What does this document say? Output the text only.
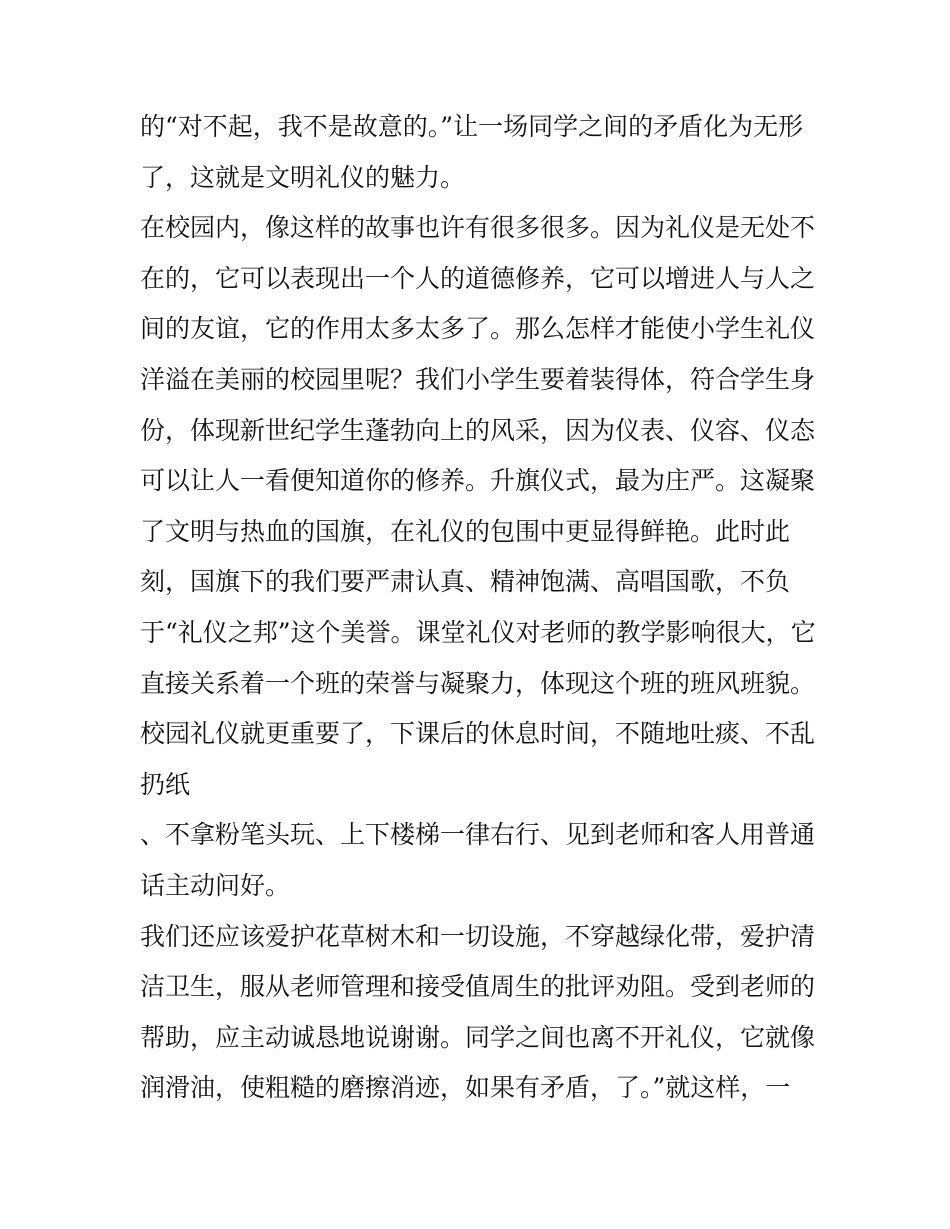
的“对不起，我不是故意的。”让一场同学之间的矛盾化为无形
了，这就是文明礼仪的魅力。
在校园内，像这样的故事也许有很多很多。因为礼仪是无处不
在的，它可以表现出一个人的道德修养，它可以增进人与人之
间的友谊，它的作用太多太多了。那么怎样才能使小学生礼仪
洋溢在美丽的校园里呢？我们小学生要着装得体，符合学生身
份，体现新世纪学生蓬勃向上的风采，因为仪表、仪容、仪态
可以让人一看便知道你的修养。升旗仪式，最为庄严。这凝聚
了文明与热血的国旗，在礼仪的包围中更显得鲜艳。此时此
刻，国旗下的我们要严肃认真、精神饱满、高唱国歌，不负
于“礼仪之邦”这个美誉。课堂礼仪对老师的教学影响很大，它
直接关系着一个班的荣誉与凝聚力，体现这个班的班风班貌。
校园礼仪就更重要了，下课后的休息时间，不随地吐痰、不乱
扔纸
、不拿粉笔头玩、上下楼梯一律右行、见到老师和客人用普通
话主动问好。
我们还应该爱护花草树木和一切设施，不穿越绿化带，爱护清
洁卫生，服从老师管理和接受值周生的批评劝阻。受到老师的
帮助，应主动诚恳地说谢谢。同学之间也离不开礼仪，它就像
润滑油，使粗糙的磨擦消迹，如果有矛盾，了。”就这样，一
